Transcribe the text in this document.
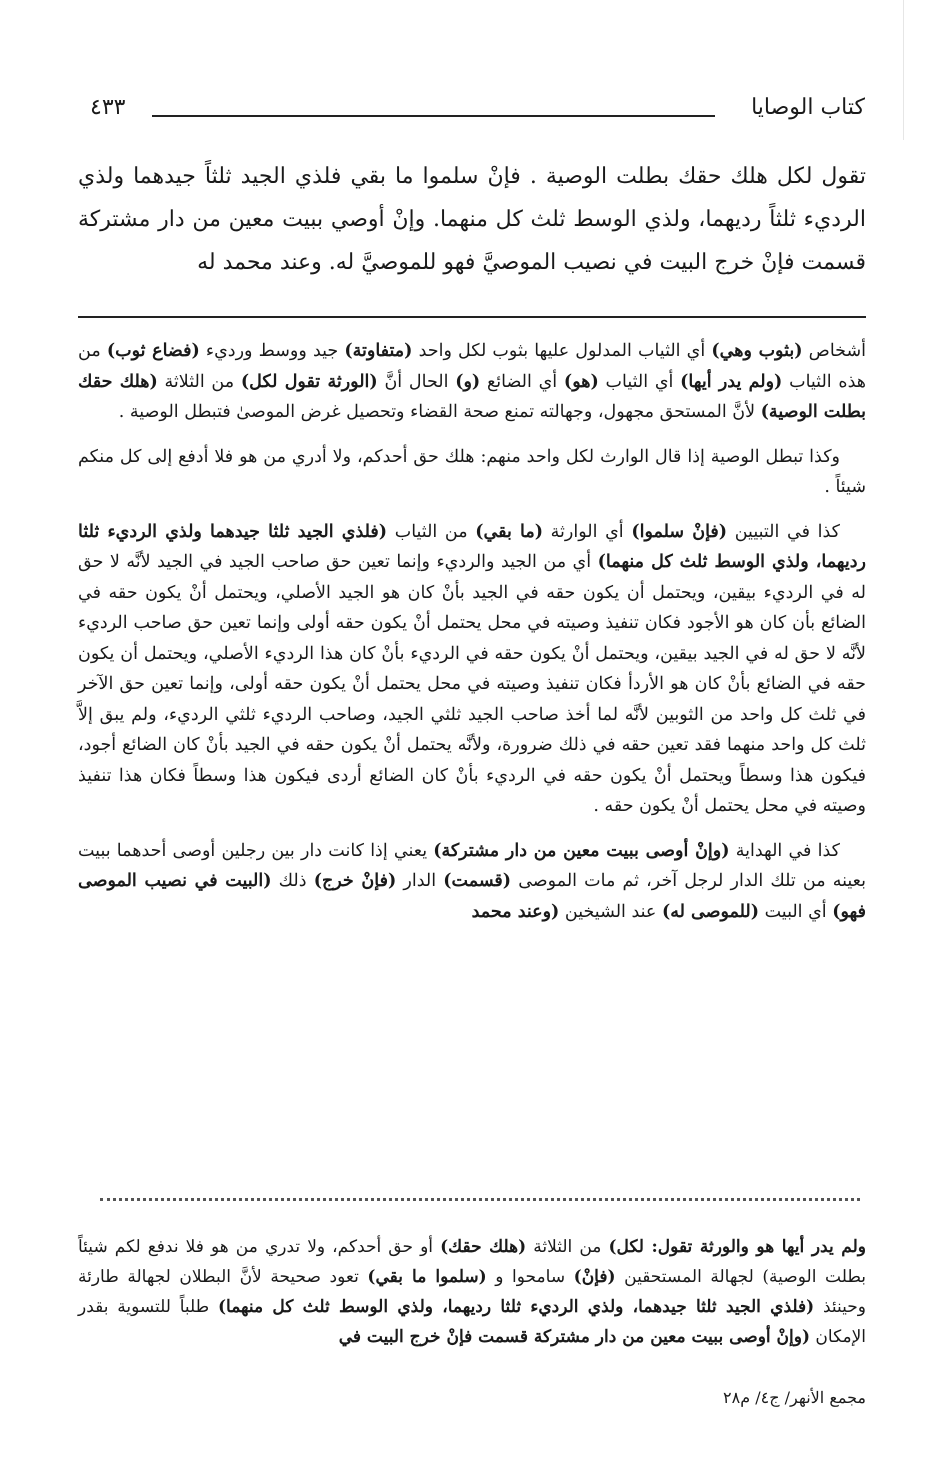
٤٣٣	كتاب الوصايا

تقول لكل هلك حقك بطلت الوصية . فإنْ سلموا ما بقي فلذي الجيد ثلثاً جيدهما ولذي الرديء ثلثاً رديهما، ولذي الوسط ثلث كل منهما. وإنْ أوصي ببيت معين من دار مشتركة قسمت فإنْ خرج البيت في نصيب الموصيَّ فهو للموصيَّ له. وعند محمد له

أشخاص (بثوب وهي) أي الثياب المدلول عليها بثوب لكل واحد (متفاوتة) جيد ووسط ورديء (فضاع ثوب) من هذه الثياب (ولم يدر أيها) أي الثياب (هو) أي الضائع (و) الحال أنَّ (الورثة تقول لكل) من الثلاثة (هلك حقك بطلت الوصية) لأنَّ المستحق مجهول، وجهالته تمنع صحة القضاء وتحصيل غرض الموصىٰ فتبطل الوصية .

وكذا تبطل الوصية إذا قال الوارث لكل واحد منهم: هلك حق أحدكم، ولا أدري من هو فلا أدفع إلى كل منكم شيئاً .

كذا في التبيين (فإنْ سلموا) أي الوارثة (ما بقي) من الثياب (فلذي الجيد ثلثا جيدهما ولذي الرديء ثلثا رديهما، ولذي الوسط ثلث كل منهما) أي من الجيد والرديء وإنما تعين حق صاحب الجيد في الجيد لأنَّه لا حق له في الرديء بيقين، ويحتمل أن يكون حقه في الجيد بأنْ كان هو الجيد الأصلي، ويحتمل أنْ يكون حقه في الضائع بأن كان هو الأجود فكان تنفيذ وصيته في محل يحتمل أنْ يكون حقه أولى وإنما تعين حق صاحب الرديء لأنَّه لا حق له في الجيد بيقين، ويحتمل أنْ يكون حقه في الرديء بأنْ كان هذا الرديء الأصلي، ويحتمل أن يكون حقه في الضائع بأنْ كان هو الأردأ فكان تنفيذ وصيته في محل يحتمل أنْ يكون حقه أولى، وإنما تعين حق الآخر في ثلث كل واحد من الثوبين لأنَّه لما أخذ صاحب الجيد ثلثي الجيد، وصاحب الرديء ثلثي الرديء، ولم يبق إلاَّ ثلث كل واحد منهما فقد تعين حقه في ذلك ضرورة، ولأنَّه يحتمل أنْ يكون حقه في الجيد بأنْ كان الضائع أجود، فيكون هذا وسطاً ويحتمل أنْ يكون حقه في الرديء بأنْ كان الضائع أردى فيكون هذا وسطاً فكان هذا تنفيذ وصيته في محل يحتمل أنْ يكون حقه .

كذا في الهداية (وإنْ أوصى ببيت معين من دار مشتركة) يعني إذا كانت دار بين رجلين أوصى أحدهما ببيت بعينه من تلك الدار لرجل آخر، ثم مات الموصى (قسمت) الدار (فإنْ خرج) ذلك (البيت في نصيب الموصى فهو) أي البيت (للموصى له) عند الشيخين (وعند محمد

ولم يدر أيها هو والورثة تقول: لكل) من الثلاثة (هلك حقك) أو حق أحدكم، ولا تدري من هو فلا ندفع لكم شيئاً بطلت الوصية) لجهالة المستحقين (فإنْ) سامحوا و (سلموا ما بقي) تعود صحيحة لأنَّ البطلان لجهالة طارئة وحينئذ (فلذي الجيد ثلثا جيدهما، ولذي الرديء ثلثا رديهما، ولذي الوسط ثلث كل منهما) طلباً للتسوية بقدر الإمكان (وإنْ أوصى ببيت معين من دار مشتركة قسمت فإنْ خرج البيت في

مجمع الأنهر/ ج٤/ م٢٨
